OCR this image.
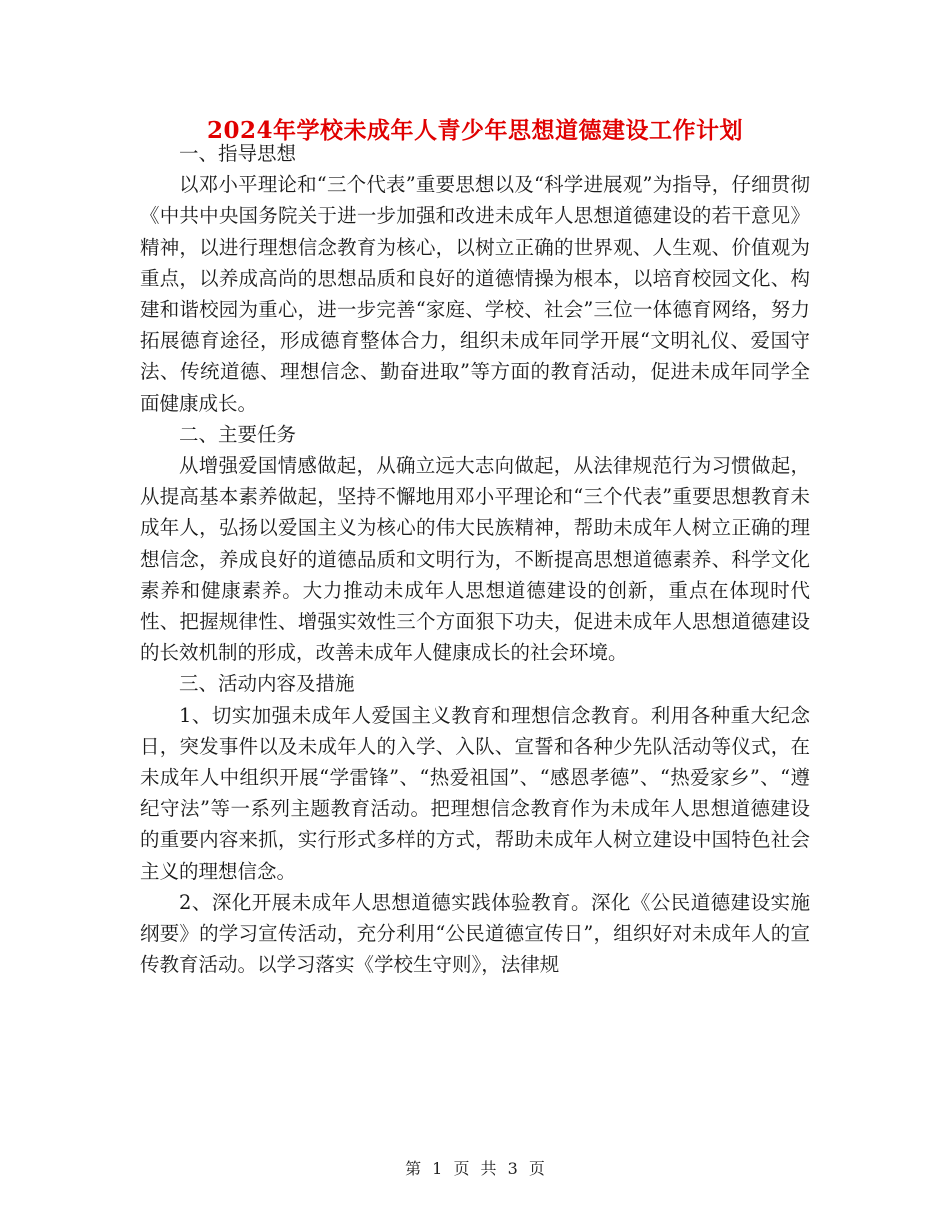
2024年学校未成年人青少年思想道德建设工作计划

一、指导思想

以邓小平理论和“三个代表”重要思想以及“科学进展观”为指导，仔细贯彻《中共中央国务院关于进一步加强和改进未成年人思想道德建设的若干意见》精神，以进行理想信念教育为核心，以树立正确的世界观、人生观、价值观为重点，以养成高尚的思想品质和良好的道德情操为根本，以培育校园文化、构建和谐校园为重心，进一步完善“家庭、学校、社会”三位一体德育网络，努力拓展德育途径，形成德育整体合力，组织未成年同学开展“文明礼仪、爱国守法、传统道德、理想信念、勤奋进取”等方面的教育活动，促进未成年同学全面健康成长。

二、主要任务

从增强爱国情感做起，从确立远大志向做起，从法律规范行为习惯做起，从提高基本素养做起，坚持不懈地用邓小平理论和“三个代表”重要思想教育未成年人，弘扬以爱国主义为核心的伟大民族精神，帮助未成年人树立正确的理想信念，养成良好的道德品质和文明行为，不断提高思想道德素养、科学文化素养和健康素养。大力推动未成年人思想道德建设的创新，重点在体现时代性、把握规律性、增强实效性三个方面狠下功夫，促进未成年人思想道德建设的长效机制的形成，改善未成年人健康成长的社会环境。

三、活动内容及措施

1、切实加强未成年人爱国主义教育和理想信念教育。利用各种重大纪念日，突发事件以及未成年人的入学、入队、宣誓和各种少先队活动等仪式，在未成年人中组织开展“学雷锋”、“热爱祖国”、“感恩孝德”、“热爱家乡”、“遵纪守法”等一系列主题教育活动。把理想信念教育作为未成年人思想道德建设的重要内容来抓，实行形式多样的方式，帮助未成年人树立建设中国特色社会主义的理想信念。

2、深化开展未成年人思想道德实践体验教育。深化《公民道德建设实施纲要》的学习宣传活动，充分利用“公民道德宣传日”，组织好对未成年人的宣传教育活动。以学习落实《学校生守则》，法律规

第 1 页 共 3 页
